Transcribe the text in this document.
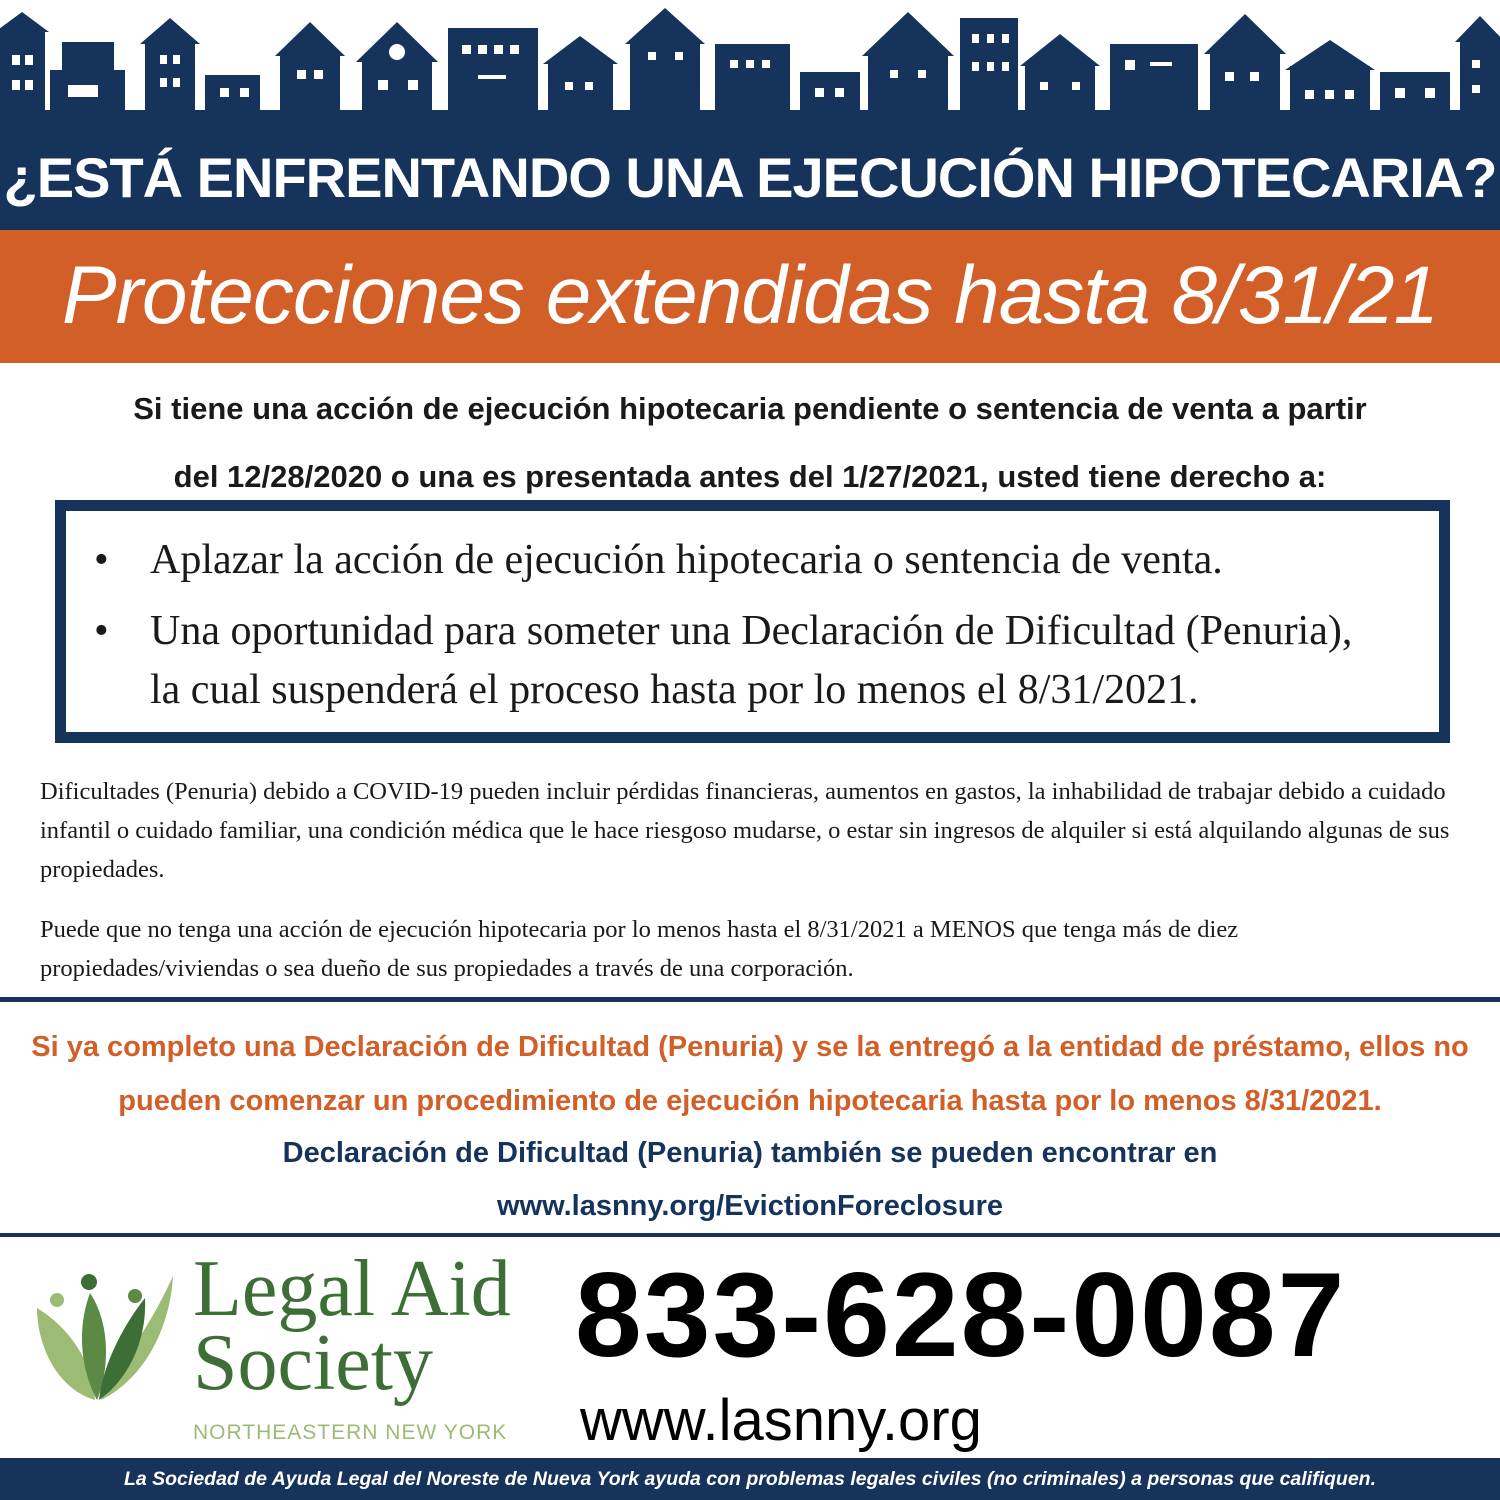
¿ESTÁ ENFRENTANDO UNA EJECUCIÓN HIPOTECARIA?
Protecciones extendidas hasta 8/31/21
Si tiene una acción de ejecución hipotecaria pendiente o sentencia de venta a partir
del 12/28/2020 o una es presentada antes del 1/27/2021, usted tiene derecho a:
• Aplazar la acción de ejecución hipotecaria o sentencia de venta.
• Una oportunidad para someter una Declaración de Dificultad (Penuria),
la cual suspenderá el proceso hasta por lo menos el 8/31/2021.
Dificultades (Penuria) debido a COVID-19 pueden incluir pérdidas financieras, aumentos en gastos, la inhabilidad de trabajar debido a cuidado infantil o cuidado familiar, una condición médica que le hace riesgoso mudarse, o estar sin ingresos de alquiler si está alquilando algunas de sus propiedades.
Puede que no tenga una acción de ejecución hipotecaria por lo menos hasta el 8/31/2021 a MENOS que tenga más de diez propiedades/viviendas o sea dueño de sus propiedades a través de una corporación.
Si ya completo una Declaración de Dificultad (Penuria) y se la entregó a la entidad de préstamo, ellos no
pueden comenzar un procedimiento de ejecución hipotecaria hasta por lo menos 8/31/2021.
Declaración de Dificultad (Penuria) también se pueden encontrar en
www.lasnny.org/EvictionForeclosure
Legal Aid
Society
NORTHEASTERN NEW YORK
833-628-0087
www.lasnny.org
La Sociedad de Ayuda Legal del Noreste de Nueva York ayuda con problemas legales civiles (no criminales) a personas que califiquen.
